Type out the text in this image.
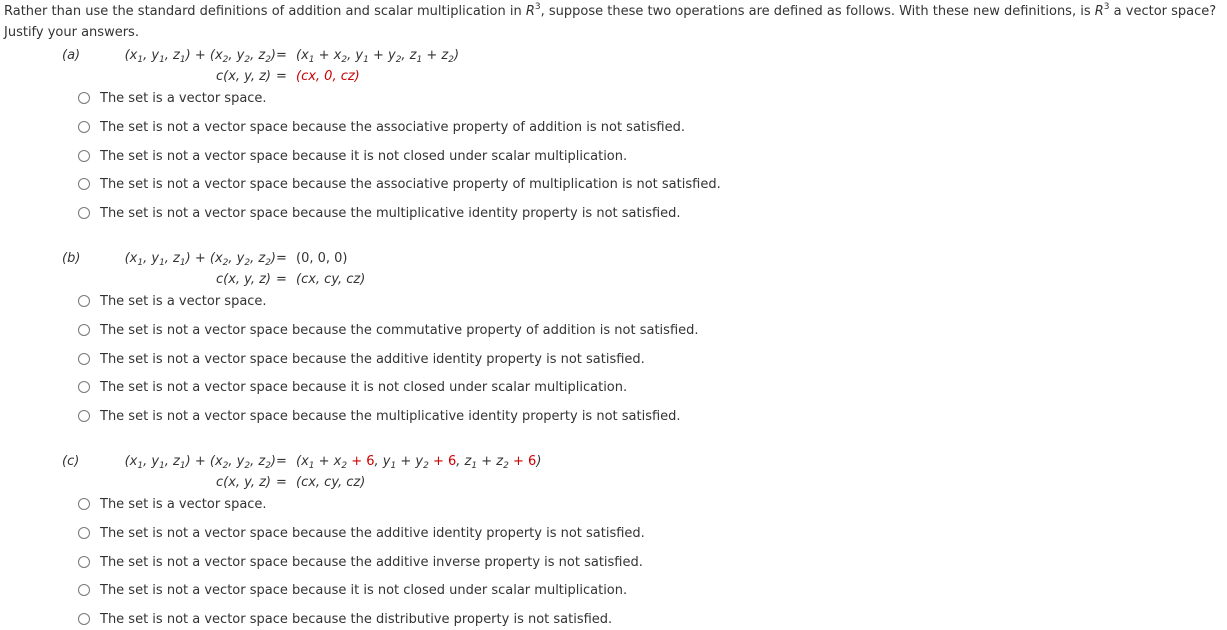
Rather than use the standard definitions of addition and scalar multiplication in $R^3$, suppose these two operations are defined as follows. With these new definitions, is $R^3$ a vector space?
Justify your answers.

(a)	($x_1$, $y_1$, $z_1) + (x_2$, $y_2$, $z_2) = (x_1 + x_2$, $y_1 + y_2$, $z_1 + z_2$)
c(x, y, z) = (cx, 0, cz)
The set is a vector space.
The set is not a vector space because the associative property of addition is not satisfied.
The set is not a vector space because it is not closed under scalar multiplication.
The set is not a vector space because the associative property of multiplication is not satisfied.
The set is not a vector space because the multiplicative identity property is not satisfied.
(b)	($x_1$, $y_1$, $z_1) + (x_2$, $y_2$, $z_2) = (0$, 0, 0)
c(x, y, z) = (cx, cy, cz)
The set is a vector space.
The set is not a vector space because the commutative property of addition is not satisfied.
The set is not a vector space because the additive identity property is not satisfied.
The set is not a vector space because it is not closed under scalar multiplication.
The set is not a vector space because the multiplicative identity property is not satisfied.
(c)	($x_1$, $y_1$, $z_1) + (x_2$, $y_2$, $z_2) = (x_1 + x_2 + 6$, $y_1 + y_2 + 6$, $z_1 + z_2 + 6$)
c(x, y, z) = (cx, cy, cz)
The set is a vector space.
The set is not a vector space because the additive identity property is not satisfied.
The set is not a vector space because the additive inverse property is not satisfied.
The set is not a vector space because it is not closed under scalar multiplication.
The set is not a vector space because the distributive property is not satisfied.
